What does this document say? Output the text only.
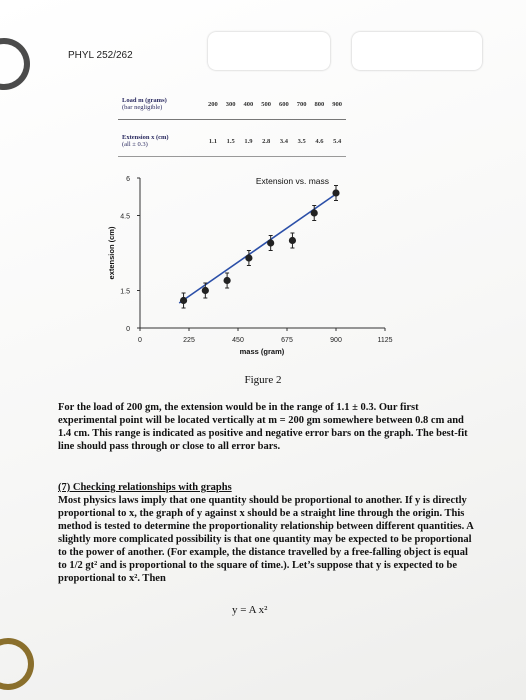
PHYL 252/262
Load m (grams)
(bar negligible)	200	300	400	500	600	700	800	900
Extension x (cm)
(all ± 0.3)	1.1	1.5	1.9	2.8	3.4	3.5	4.6	5.4
0	225	450	675	900	1125
0
1.5
4.5
6	Extension vs. mass
mass (gram)
extension (cm)
Figure 2
For the load of 200 gm, the extension would be in the range of 1.1 ± 0.3. Our first experimental point will be located vertically at m = 200 gm somewhere between 0.8 cm and 1.4 cm. This range is indicated as positive and negative error bars on the graph. The best-fit line should pass through or close to all error bars.
(7) Checking relationships with graphs
Most physics laws imply that one quantity should be proportional to another. If y is directly proportional to x, the graph of y against x should be a straight line through the origin. This method is tested to determine the proportionality relationship between different quantities. A slightly more complicated possibility is that one quantity may be expected to be proportional to the power of another. (For example, the distance travelled by a free-falling object is equal to 1/2 gt² and is proportional to the square of time.). Let’s suppose that y is expected to be proportional to x². Then
y = A x²
